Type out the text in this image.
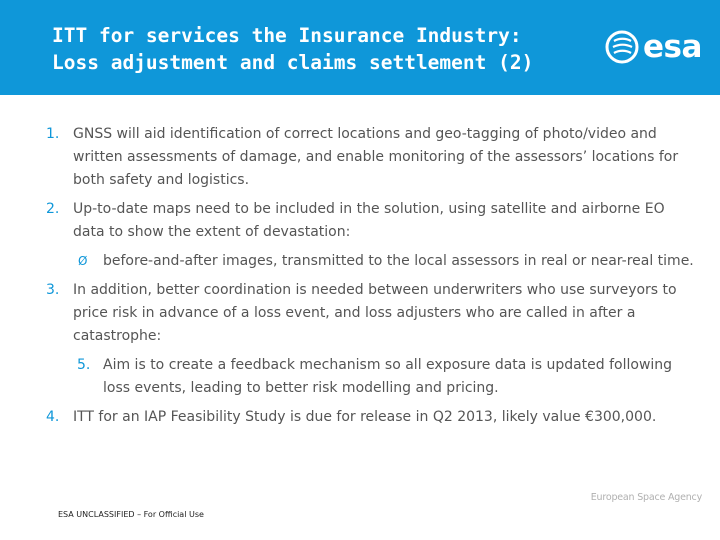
ITT for services the Insurance Industry:
Loss adjustment and claims settlement (2)	esa
1. GNSS will aid identification of correct locations and geo-tagging of photo/video and written assessments of damage, and enable monitoring of the assessors’ locations for both safety and logistics.
2. Up-to-date maps need to be included in the solution, using satellite and airborne EO data to show the extent of devastation:
Ø before-and-after images, transmitted to the local assessors in real or near-real time.
3. In addition, better coordination is needed between underwriters who use surveyors to price risk in advance of a loss event, and loss adjusters who are called in after a catastrophe:
5. Aim is to create a feedback mechanism so all exposure data is updated following loss events, leading to better risk modelling and pricing.
4. ITT for an IAP Feasibility Study is due for release in Q2 2013, likely value €300,000.
European Space Agency
ESA UNCLASSIFIED – For Official Use
